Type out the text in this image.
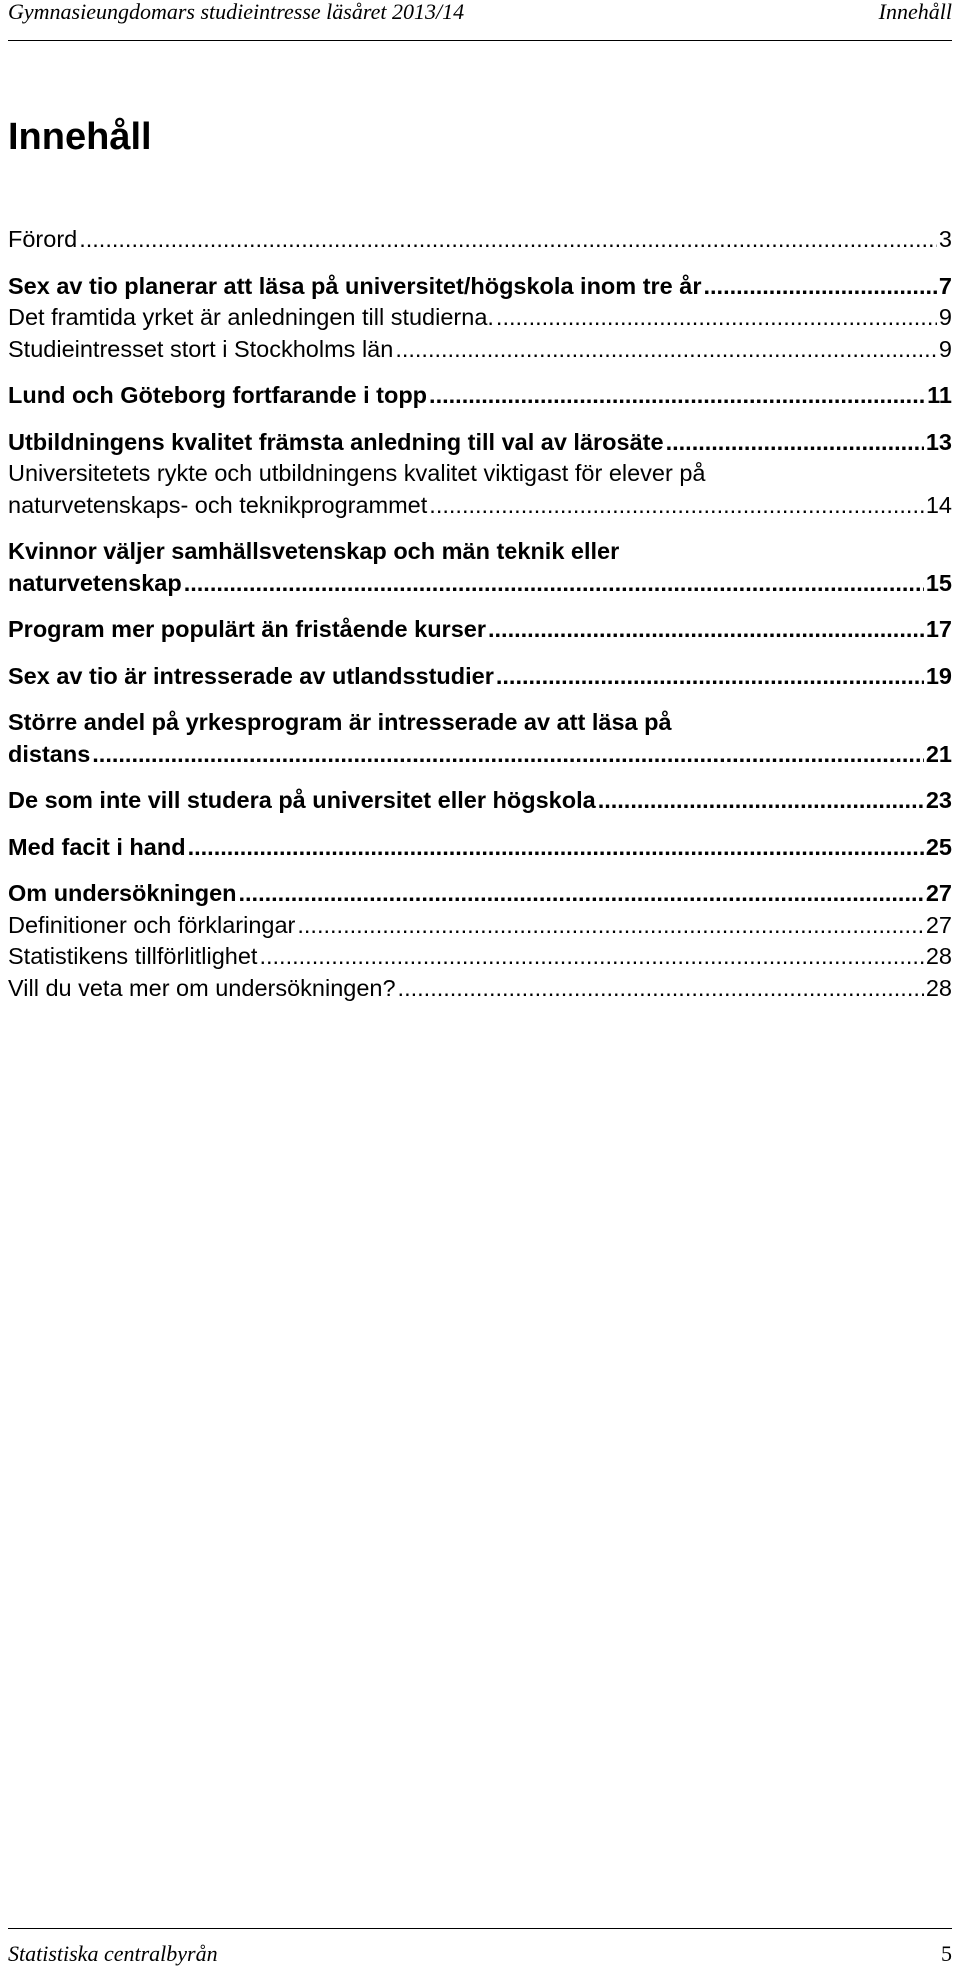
Gymnasieungdomars studieintresse läsåret 2013/14	Innehåll
Innehåll
Förord .....	3
Sex av tio planerar att läsa på universitet/högskola inom tre år .....	7
Det framtida yrket är anledningen till studierna. .....	9
Studieintresset stort i Stockholms län .....	9
Lund och Göteborg fortfarande i topp .....	11
Utbildningens kvalitet främsta anledning till val av lärosäte .....	13
Universitetets rykte och utbildningens kvalitet viktigast för elever på
naturvetenskaps- och teknikprogrammet .....	14
Kvinnor väljer samhällsvetenskap och män teknik eller
naturvetenskap .....	15
Program mer populärt än fristående kurser .....	17
Sex av tio är intresserade av utlandsstudier .....	19
Större andel på yrkesprogram är intresserade av att läsa på
distans .....	21
De som inte vill studera på universitet eller högskola .....	23
Med facit i hand .....	25
Om undersökningen .....	27
Definitioner och förklaringar .....	27
Statistikens tillförlitlighet .....	28
Vill du veta mer om undersökningen? .....	28
Statistiska centralbyrån	5
